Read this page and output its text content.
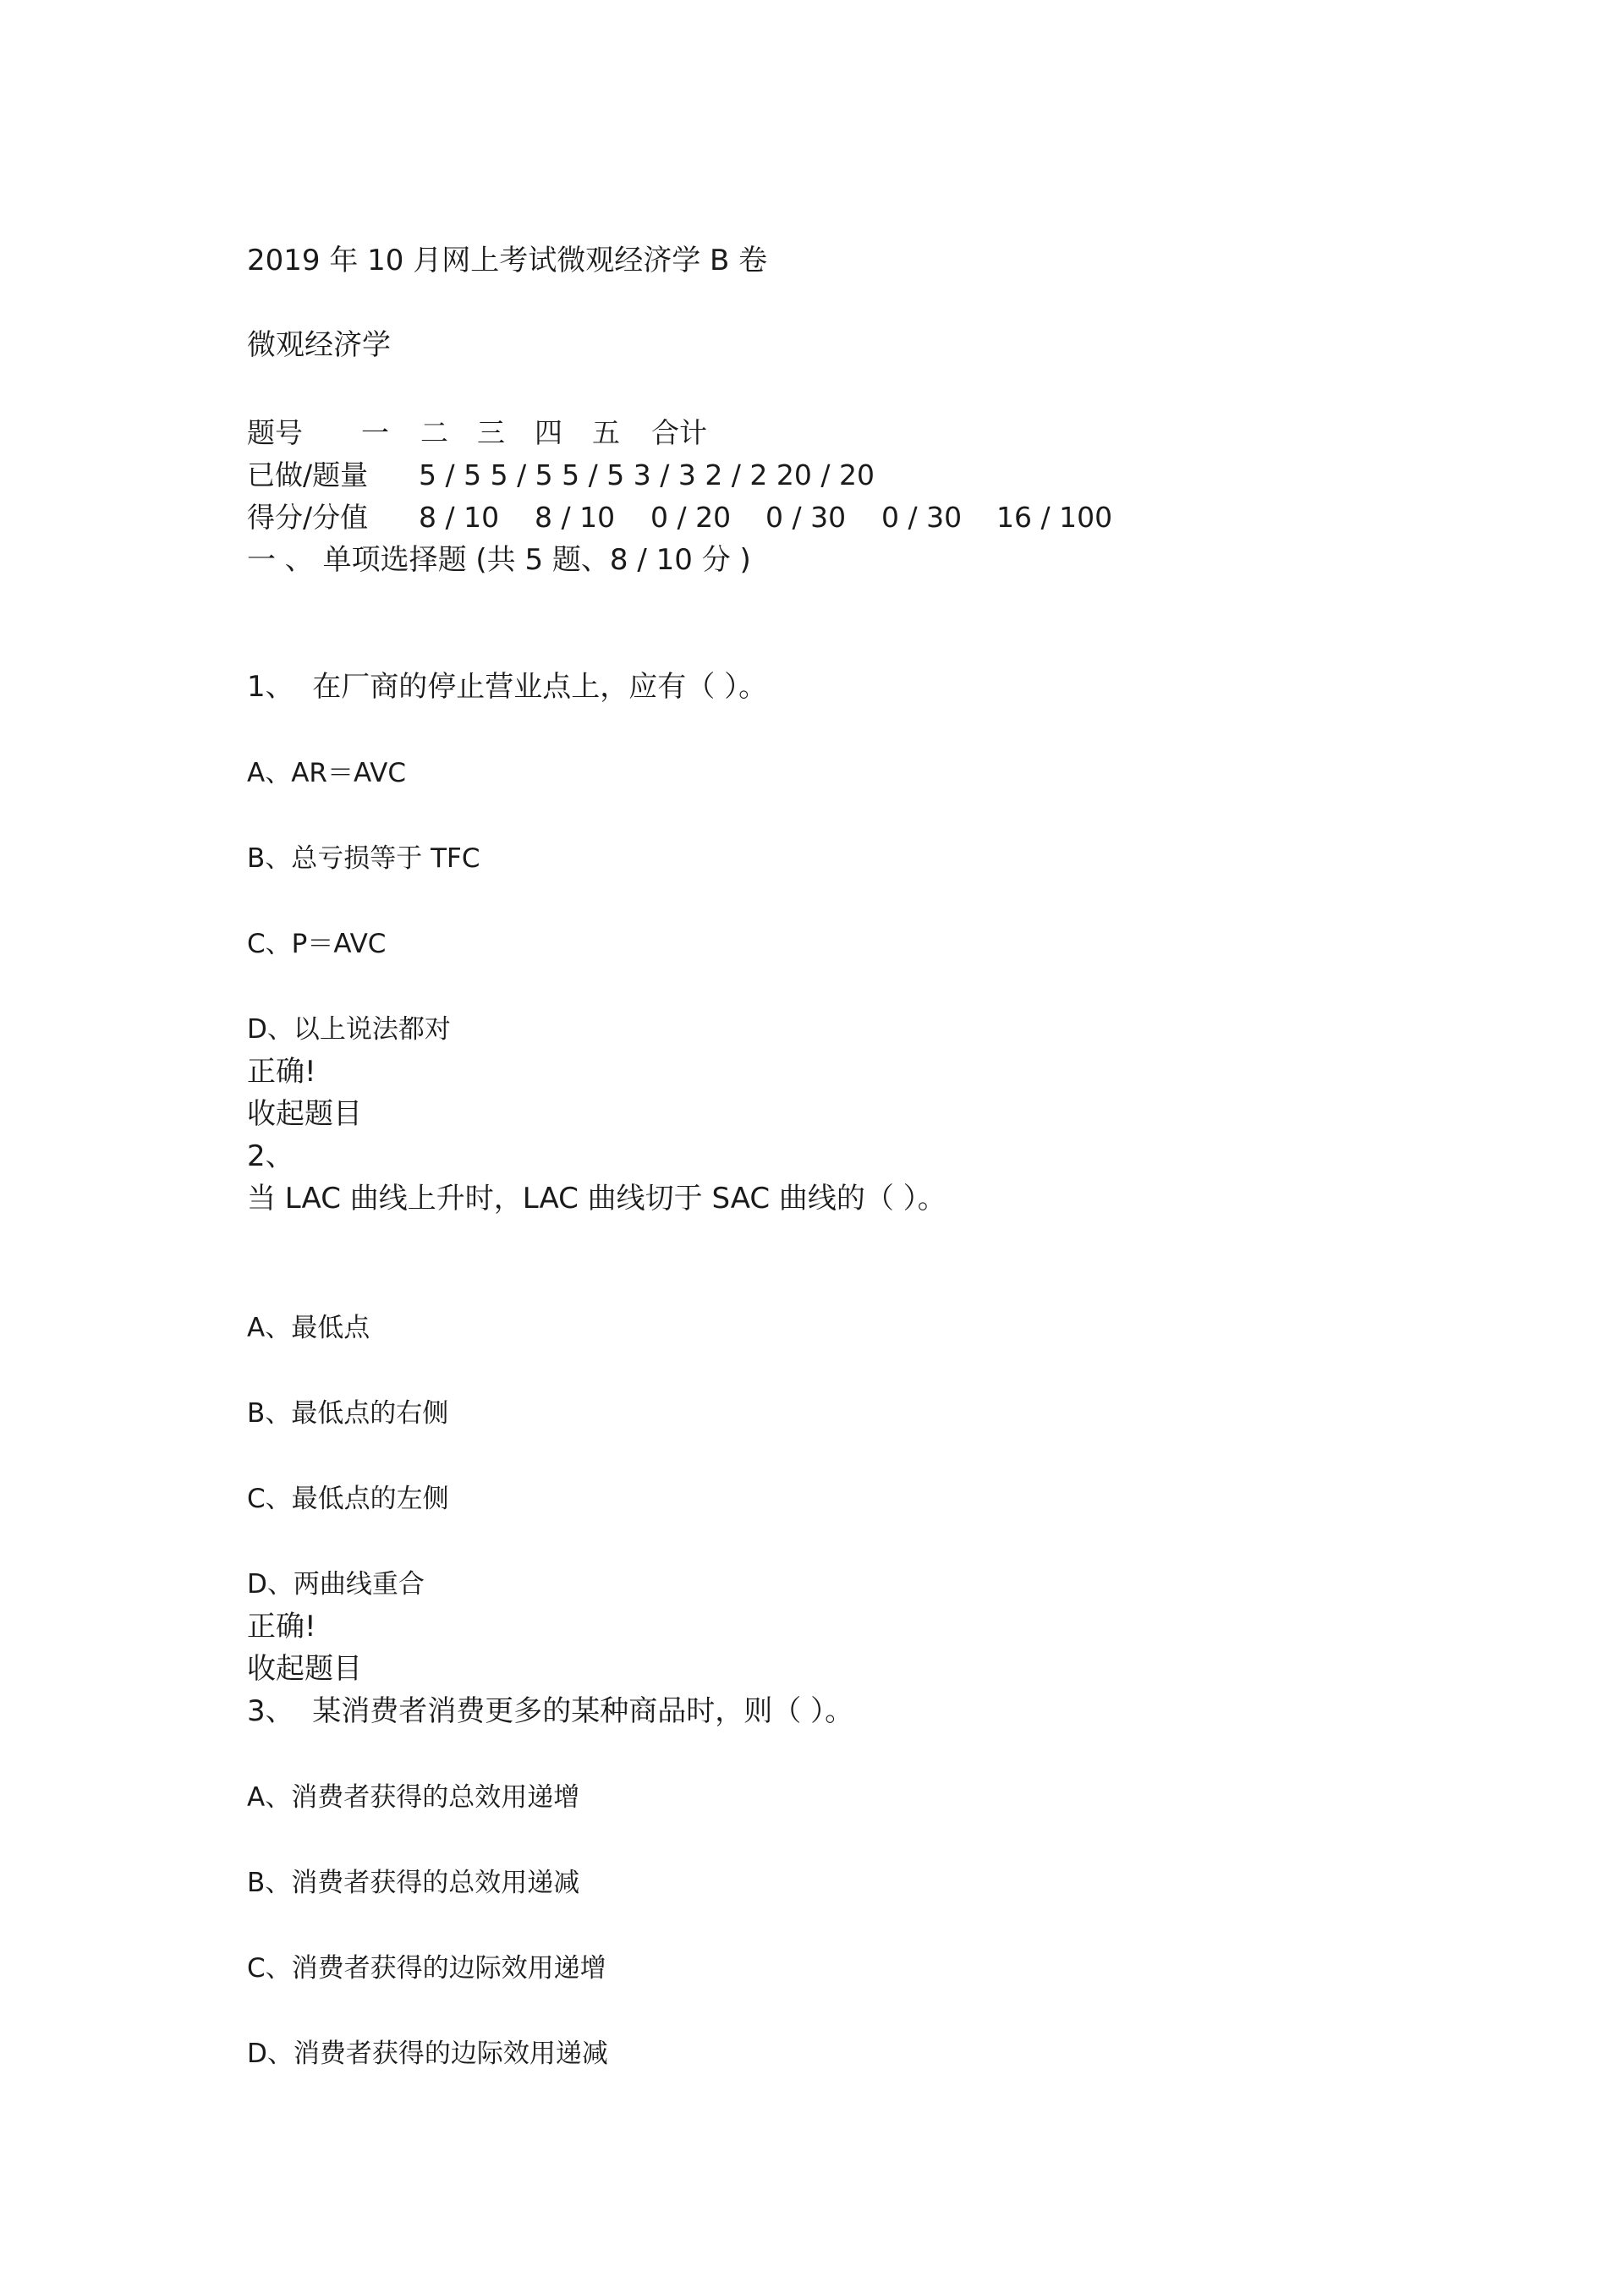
2019 年 10 月网上考试微观经济学 B 卷
微观经济学

题号

一

二

三

四

五

合计

已做/题量

5 / 5 5 / 5 5 / 5 3 / 3 2 / 2 20 / 20

得分/分值

8 / 10

8 / 10

0 / 20

0 / 30

0 / 30

16 / 100

一 、 单项选择题 (共 5 题、8 / 10 分 )
1、 在厂商的停止营业点上，应有（ ）。
A、AR＝AVC
B、总亏损等于 TFC
C、P＝AVC
D、以上说法都对
正确!
收起题目
2、
当 LAC 曲线上升时，LAC 曲线切于 SAC 曲线的（ ）。
A、最低点
B、最低点的右侧
C、最低点的左侧
D、两曲线重合
正确!
收起题目
3、 某消费者消费更多的某种商品时，则（ ）。
A、消费者获得的总效用递增
B、消费者获得的总效用递减
C、消费者获得的边际效用递增
D、消费者获得的边际效用递减
